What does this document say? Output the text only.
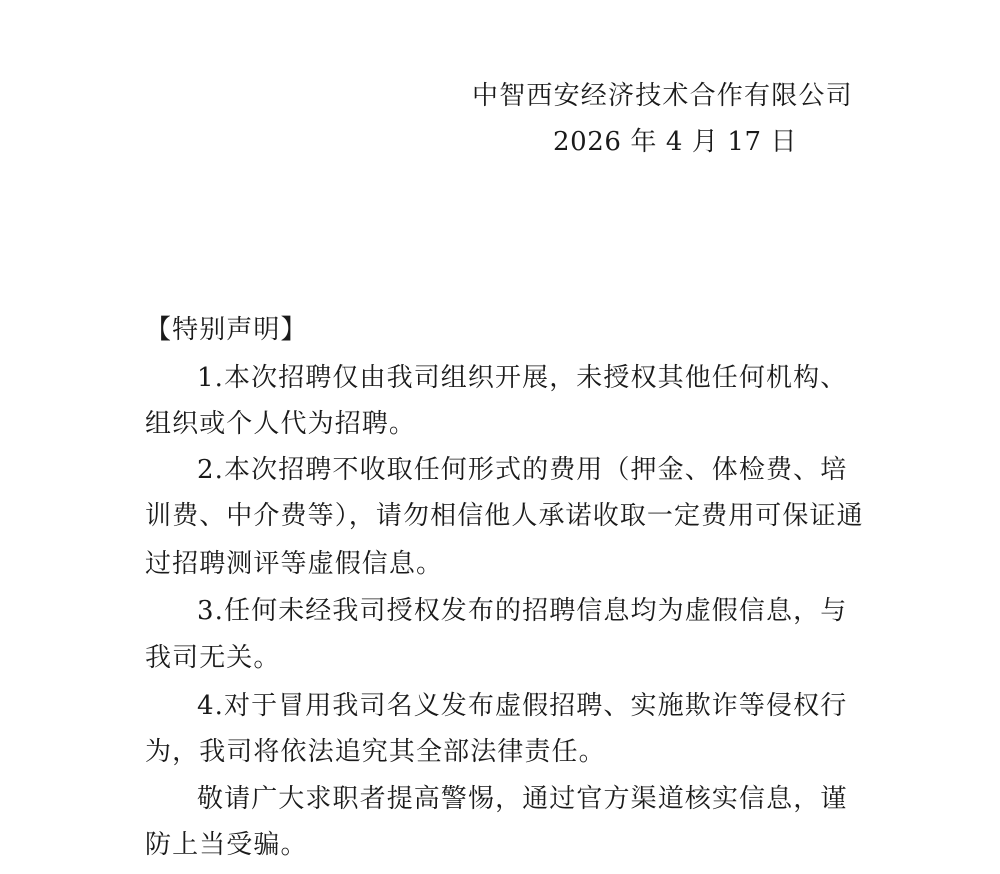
中智西安经济技术合作有限公司
2026 年 4 月 17 日
【特别声明】
1.本次招聘仅由我司组织开展，未授权其他任何机构、
组织或个人代为招聘。
2.本次招聘不收取任何形式的费用（押金、体检费、培
训费、中介费等），请勿相信他人承诺收取一定费用可保证通
过招聘测评等虚假信息。
3.任何未经我司授权发布的招聘信息均为虚假信息，与
我司无关。
4.对于冒用我司名义发布虚假招聘、实施欺诈等侵权行
为，我司将依法追究其全部法律责任。
敬请广大求职者提高警惕，通过官方渠道核实信息，谨
防上当受骗。
